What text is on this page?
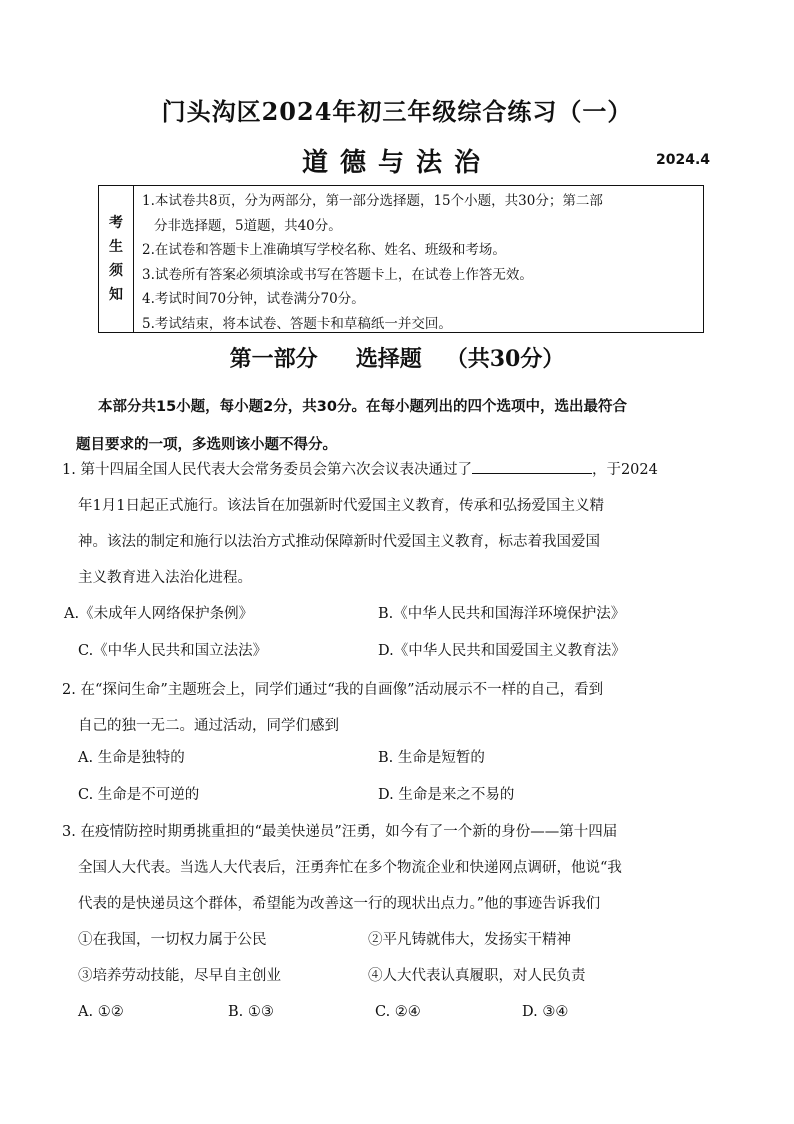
门头沟区2024年初三年级综合练习（一）
道德与法治	2024.4
考
生
须
知
1.本试卷共8页，分为两部分，第一部分选择题，15个小题，共30分；第二部
分非选择题，5道题，共40分。
2.在试卷和答题卡上准确填写学校名称、姓名、班级和考场。
3.试卷所有答案必须填涂或书写在答题卡上，在试卷上作答无效。
4.考试时间70分钟，试卷满分70分。
5.考试结束，将本试卷、答题卡和草稿纸一并交回。
第一部分 选择题 （共30分）
本部分共15小题，每小题2分，共30分。在每小题列出的四个选项中，选出最符合
题目要求的一项，多选则该小题不得分。
1. 第十四届全国人民代表大会常务委员会第六次会议表决通过了	，于2024
年1月1日起正式施行。该法旨在加强新时代爱国主义教育，传承和弘扬爱国主义精
神。该法的制定和施行以法治方式推动保障新时代爱国主义教育，标志着我国爱国
主义教育进入法治化进程。
A.《未成年人网络保护条例》	B.《中华人民共和国海洋环境保护法》
C.《中华人民共和国立法法》	D.《中华人民共和国爱国主义教育法》
2. 在“探问生命”主题班会上，同学们通过“我的自画像”活动展示不一样的自己，看到
自己的独一无二。通过活动，同学们感到
A. 生命是独特的	B. 生命是短暂的
C. 生命是不可逆的	D. 生命是来之不易的
3. 在疫情防控时期勇挑重担的“最美快递员”汪勇，如今有了一个新的身份——第十四届
全国人大代表。当选人大代表后，汪勇奔忙在多个物流企业和快递网点调研，他说“我
代表的是快递员这个群体，希望能为改善这一行的现状出点力。”他的事迹告诉我们
①在我国，一切权力属于公民	②平凡铸就伟大，发扬实干精神
③培养劳动技能，尽早自主创业	④人大代表认真履职，对人民负责
A. ①②	B. ①③	C. ②④	D. ③④
